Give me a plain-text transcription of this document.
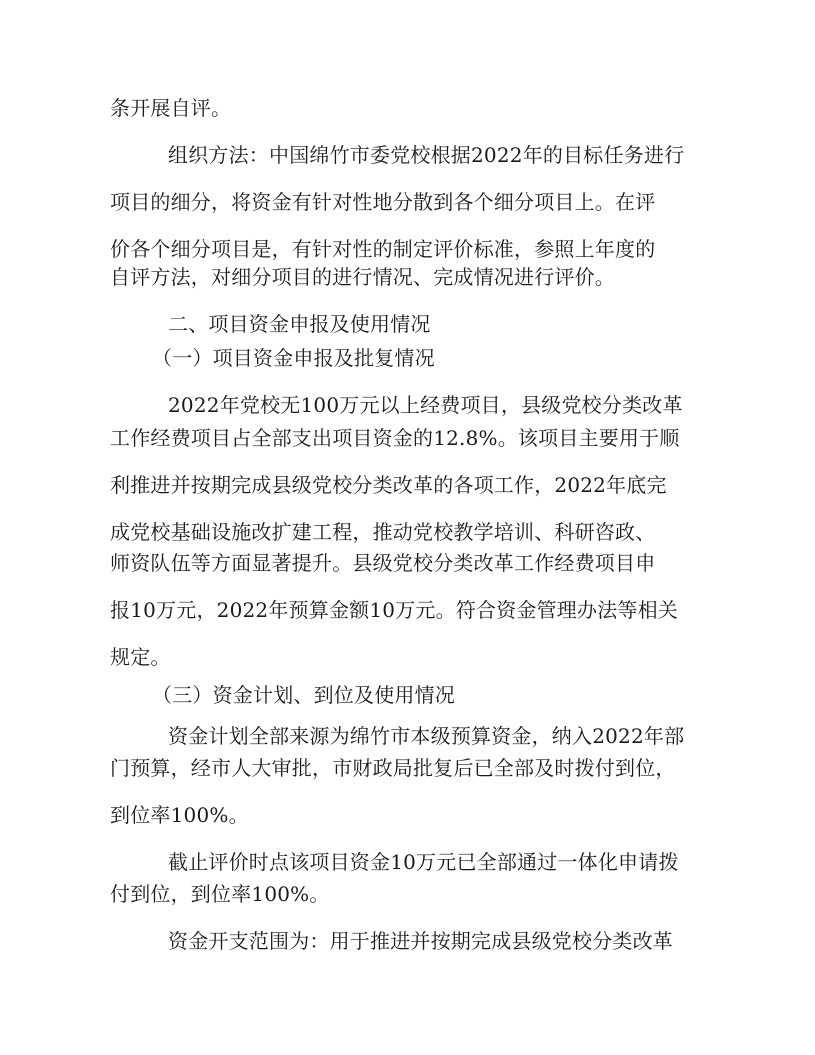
条开展自评。
组织方法：中国绵竹市委党校根据2022年的目标任务进行
项目的细分，将资金有针对性地分散到各个细分项目上。在评
价各个细分项目是，有针对性的制定评价标准，参照上年度的
自评方法，对细分项目的进行情况、完成情况进行评价。
二、项目资金申报及使用情况
（一）项目资金申报及批复情况
2022年党校无100万元以上经费项目，县级党校分类改革
工作经费项目占全部支出项目资金的12.8%。该项目主要用于顺
利推进并按期完成县级党校分类改革的各项工作，2022年底完
成党校基础设施改扩建工程，推动党校教学培训、科研咨政、
师资队伍等方面显著提升。县级党校分类改革工作经费项目申
报10万元，2022年预算金额10万元。符合资金管理办法等相关
规定。
（三）资金计划、到位及使用情况
资金计划全部来源为绵竹市本级预算资金，纳入2022年部
门预算，经市人大审批，市财政局批复后已全部及时拨付到位，
到位率100%。
截止评价时点该项目资金10万元已全部通过一体化申请拨
付到位，到位率100%。
资金开支范围为：用于推进并按期完成县级党校分类改革
